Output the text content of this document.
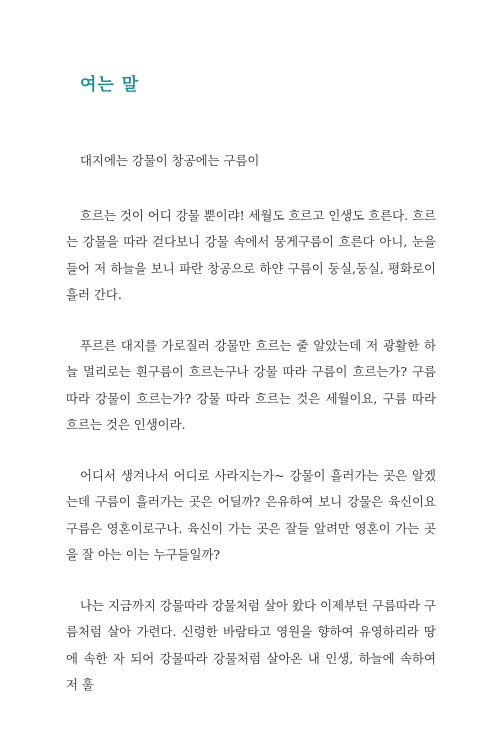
여는 말

대지에는 강물이 창공에는 구름이

흐르는 것이 어디 강물 뿐이랴! 세월도 흐르고 인생도 흐른다. 흐르는 강물을 따라 걷다보니 강물 속에서 뭉게구름이 흐른다 아니, 눈을 들어 저 하늘을 보니 파란 창공으로 하얀 구름이 둥실,둥실, 평화로이 흘러 간다.

푸르른 대지를 가로질러 강물만 흐르는 줄 알았는데 저 광활한 하늘 멀리로는 흰구름이 흐르는구나 강물 따라 구름이 흐르는가? 구름 따라 강물이 흐르는가? 강물 따라 흐르는 것은 세월이요, 구름 따라 흐르는 것은 인생이라.

어디서 생겨나서 어디로 사라지는가~ 강물이 흘러가는 곳은 알겠는데 구름이 흘러가는 곳은 어딜까? 은유하여 보니 강물은 육신이요 구름은 영혼이로구나. 육신이 가는 곳은 잘들 알려만 영혼이 가는 곳을 잘 아는 이는 누구들일까?

나는 지금까지 강물따라 강물처럼 살아 왔다 이제부턴 구름따라 구름처럼 살아 가련다. 신령한 바람타고 영원을 향하여 유영하리라 땅에 속한 자 되어 강물따라 강물처럼 살아온 내 인생, 하늘에 속하여 저 훌
